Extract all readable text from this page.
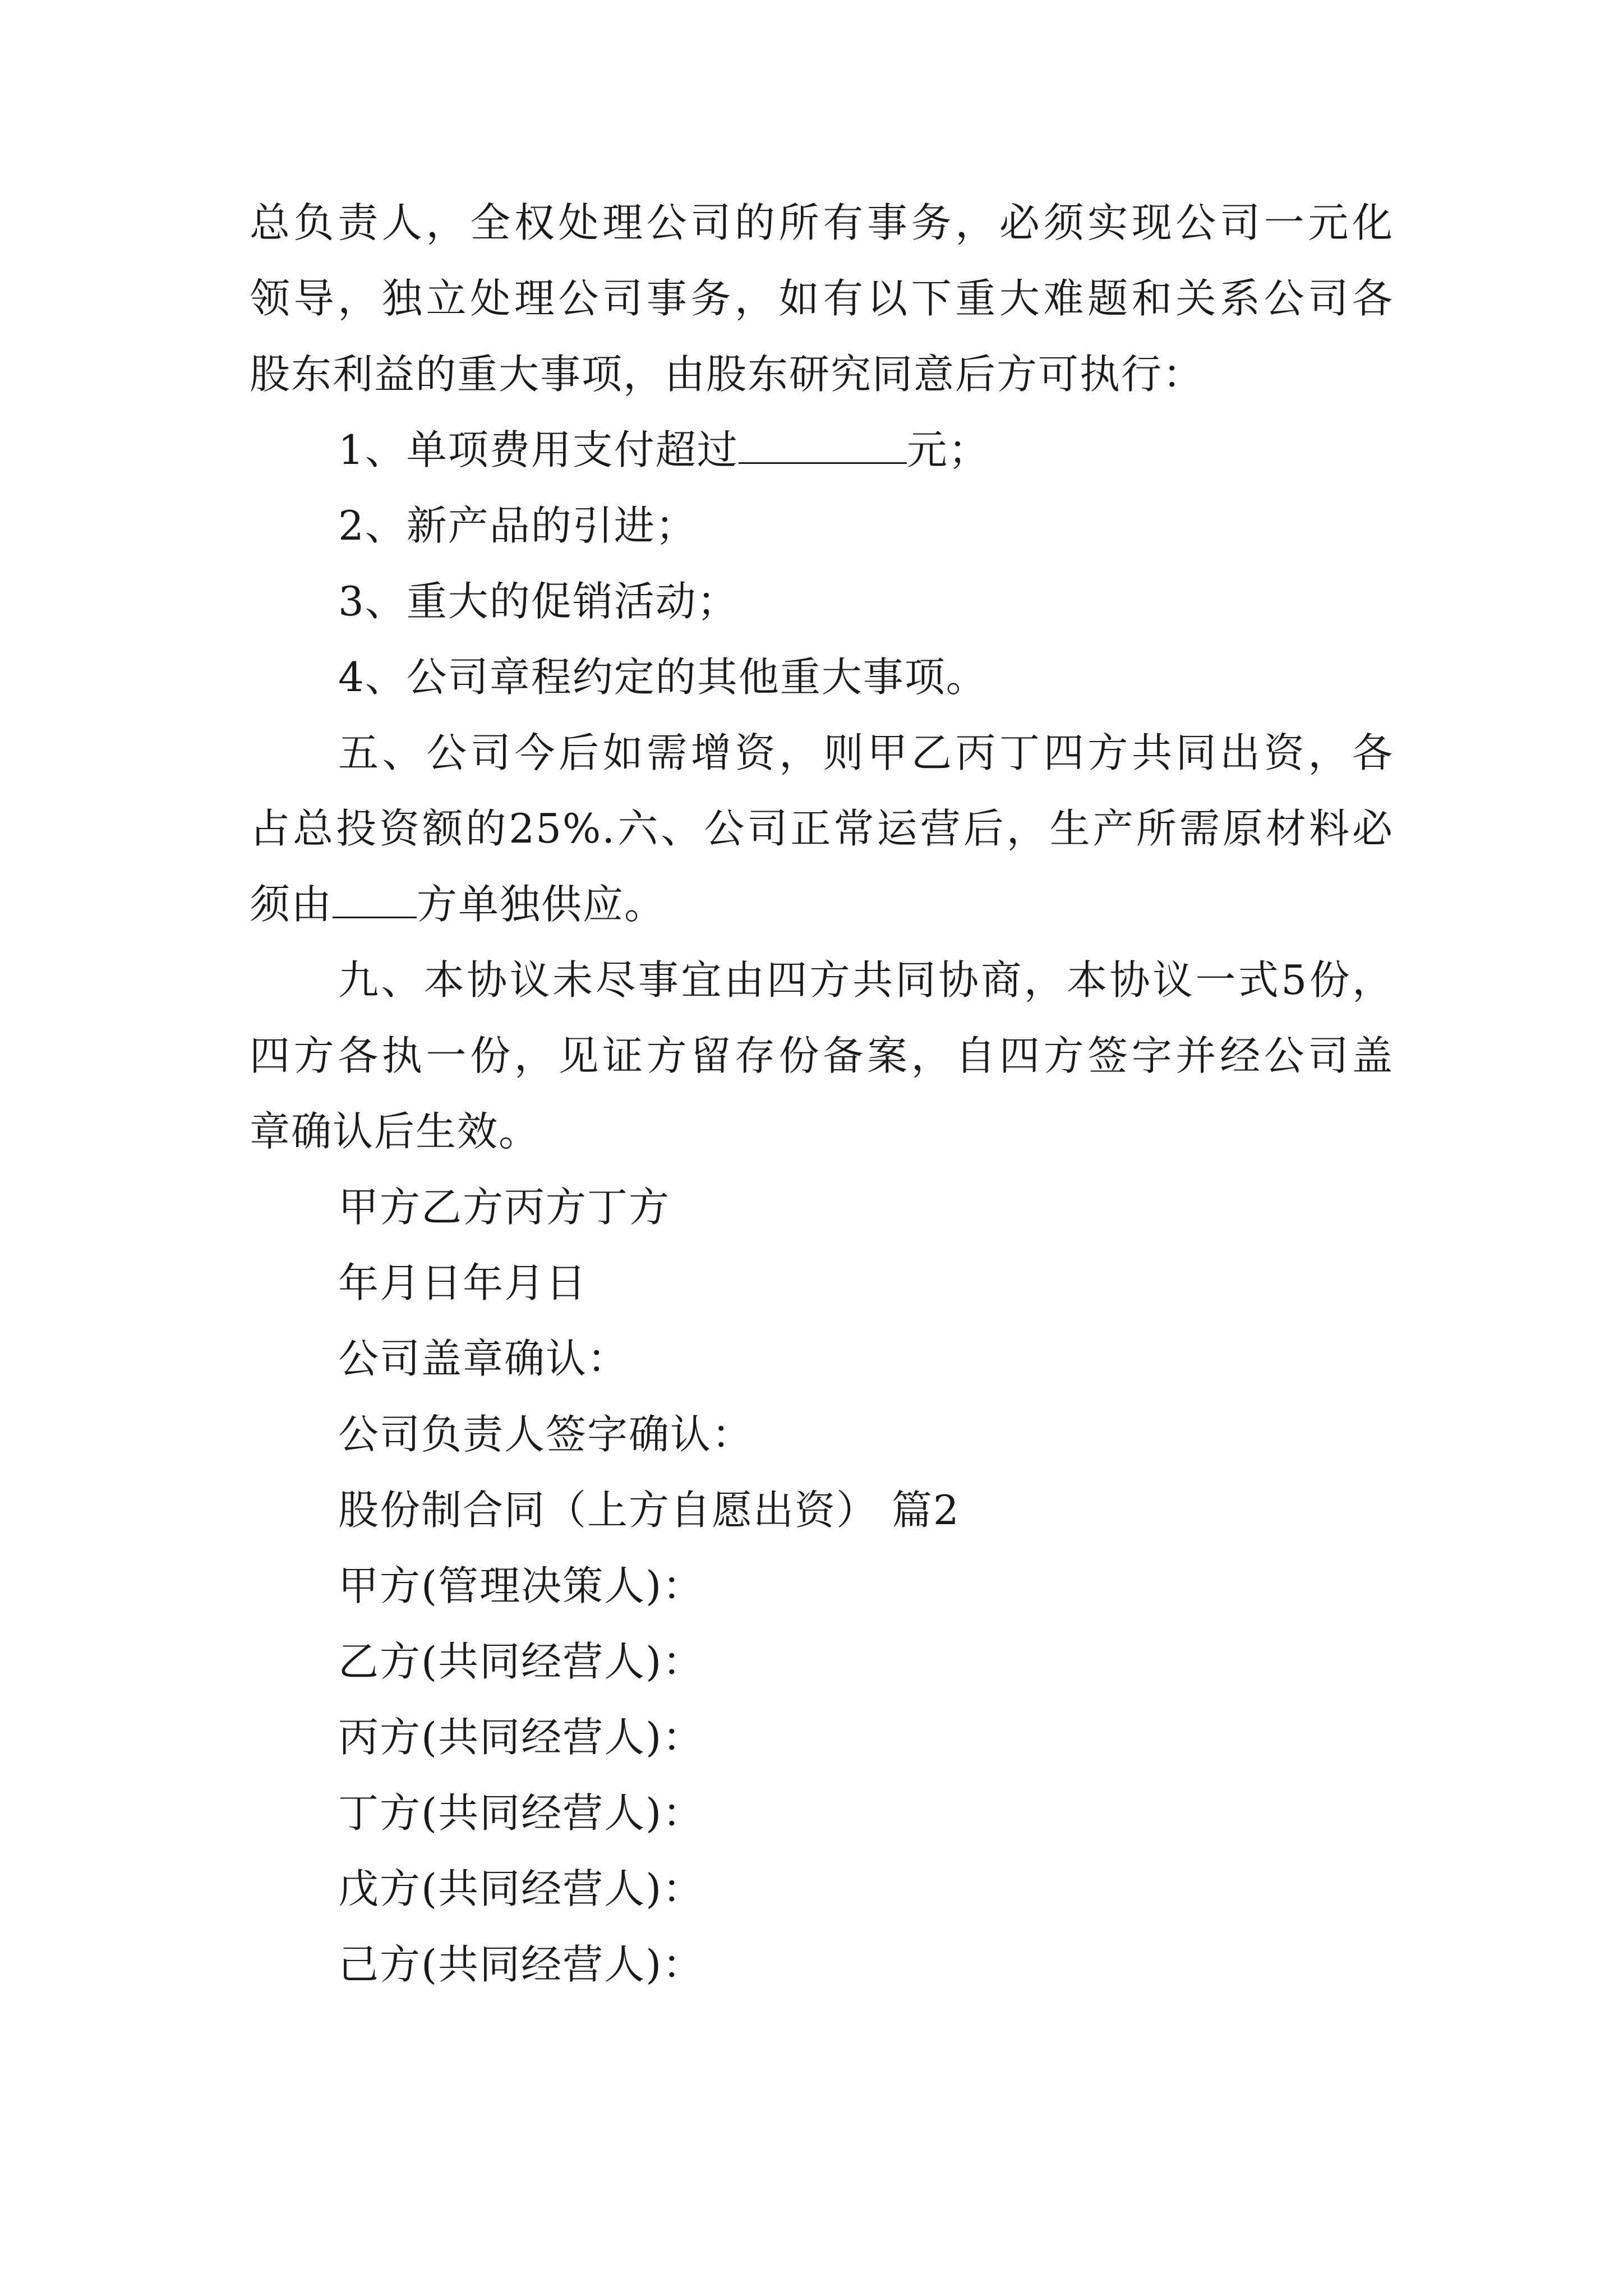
总负责人，全权处理公司的所有事务，必须实现公司一元化
领导，独立处理公司事务，如有以下重大难题和关系公司各
股东利益的重大事项，由股东研究同意后方可执行：
1、单项费用支付超过	元；
2、新产品的引进；
3、重大的促销活动；
4、公司章程约定的其他重大事项。
五、公司今后如需增资，则甲乙丙丁四方共同出资，各
占总投资额的25%.六、公司正常运营后，生产所需原材料必
须由 方单独供应。
九、本协议未尽事宜由四方共同协商，本协议一式5份，
四方各执一份，见证方留存份备案，自四方签字并经公司盖
章确认后生效。
甲方乙方丙方丁方
年月日年月日
公司盖章确认：
公司负责人签字确认：
股份制合同（上方自愿出资） 篇2
甲方(管理决策人)：
乙方(共同经营人)：
丙方(共同经营人)：
丁方(共同经营人)：
戊方(共同经营人)：
己方(共同经营人)：
